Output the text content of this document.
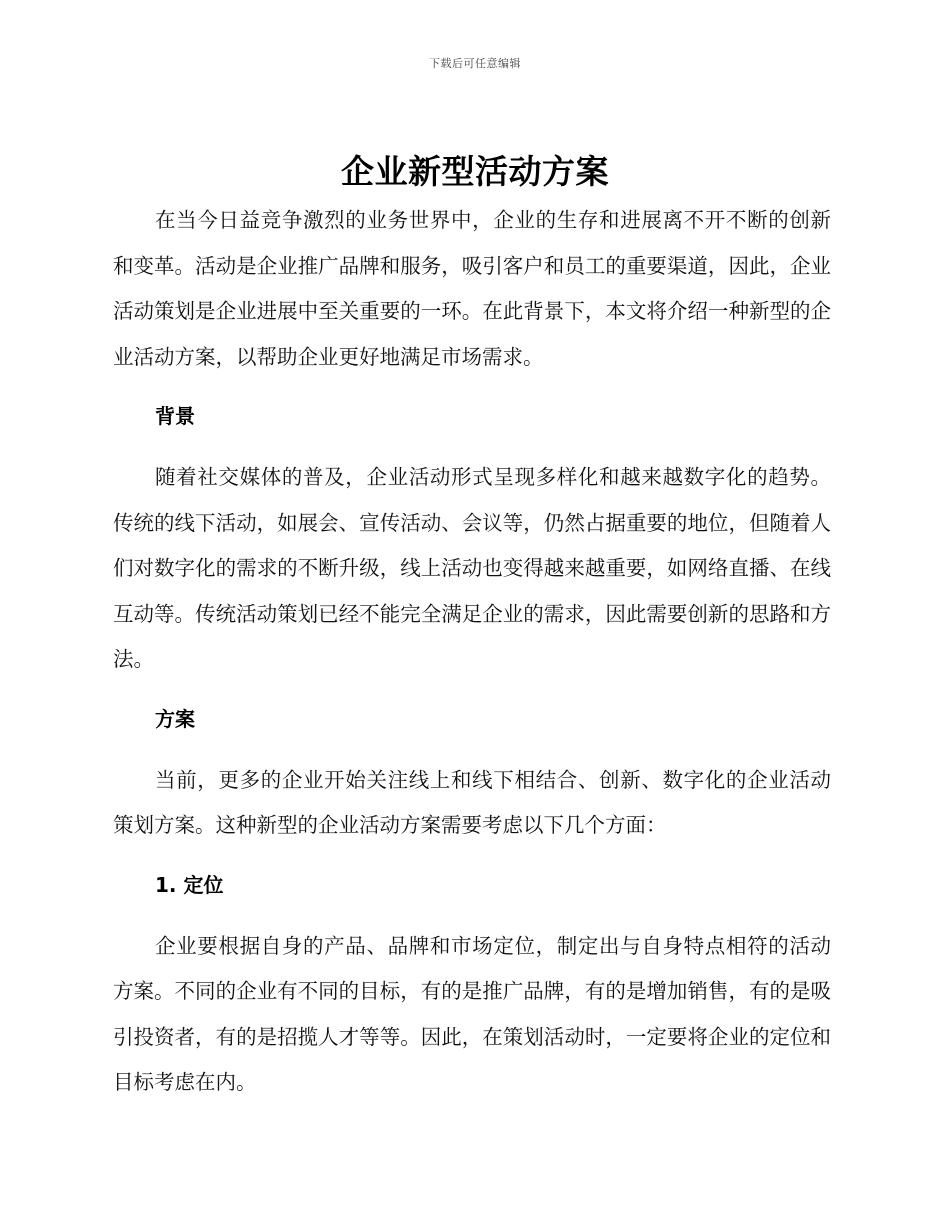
下载后可任意编辑
企业新型活动方案

在当今日益竞争激烈的业务世界中，企业的生存和进展离不开不断的创新和变革。活动是企业推广品牌和服务，吸引客户和员工的重要渠道，因此，企业活动策划是企业进展中至关重要的一环。在此背景下，本文将介绍一种新型的企业活动方案，以帮助企业更好地满足市场需求。

背景

随着社交媒体的普及，企业活动形式呈现多样化和越来越数字化的趋势。传统的线下活动，如展会、宣传活动、会议等，仍然占据重要的地位，但随着人们对数字化的需求的不断升级，线上活动也变得越来越重要，如网络直播、在线互动等。传统活动策划已经不能完全满足企业的需求，因此需要创新的思路和方法。

方案

当前，更多的企业开始关注线上和线下相结合、创新、数字化的企业活动策划方案。这种新型的企业活动方案需要考虑以下几个方面：

1. 定位

企业要根据自身的产品、品牌和市场定位，制定出与自身特点相符的活动方案。不同的企业有不同的目标，有的是推广品牌，有的是增加销售，有的是吸引投资者，有的是招揽人才等等。因此，在策划活动时，一定要将企业的定位和目标考虑在内。
